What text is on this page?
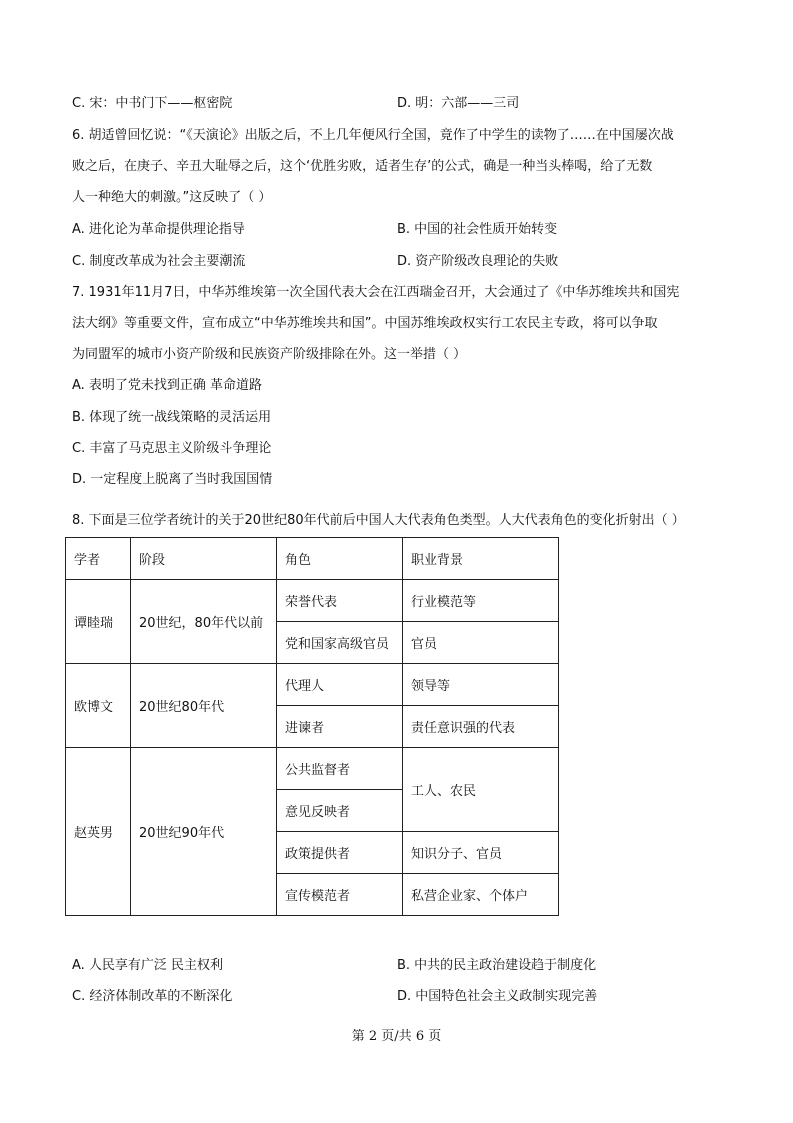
C. 宋：中书门下——枢密院	D. 明：六部——三司
6. 胡适曾回忆说：“《天演论》出版之后，不上几年便风行全国，竟作了中学生的读物了……在中国屡次战
败之后，在庚子、辛丑大耻辱之后，这个‘优胜劣败，适者生存’的公式，确是一种当头棒喝，给了无数
人一种绝大的刺激。”这反映了（ ）
A. 进化论为革命提供理论指导	B. 中国的社会性质开始转变
C. 制度改革成为社会主要潮流	D. 资产阶级改良理论的失败
7. 1931年11月7日，中华苏维埃第一次全国代表大会在江西瑞金召开，大会通过了《中华苏维埃共和国宪
法大纲》等重要文件，宣布成立“中华苏维埃共和国”。中国苏维埃政权实行工农民主专政，将可以争取
为同盟军的城市小资产阶级和民族资产阶级排除在外。这一举措（ ）
A. 表明了党未找到正确 革命道路
B. 体现了统一战线策略的灵活运用
C. 丰富了马克思主义阶级斗争理论
D. 一定程度上脱离了当时我国国情
8. 下面是三位学者统计的关于20世纪80年代前后中国人大代表角色类型。人大代表角色的变化折射出（ ）
学者	阶段	角色	职业背景
谭睦瑞	20世纪，80年代以前	荣誉代表	行业模范等
		党和国家高级官员	官员
欧博文	20世纪80年代	代理人	领导等
		进谏者	责任意识强的代表
赵英男	20世纪90年代	公共监督者	工人、农民
		意见反映者	
		政策提供者	知识分子、官员
		宣传模范者	私营企业家、个体户
A. 人民享有广泛 民主权利	B. 中共的民主政治建设趋于制度化
C. 经济体制改革的不断深化	D. 中国特色社会主义政制实现完善
第 2 页/共 6 页
